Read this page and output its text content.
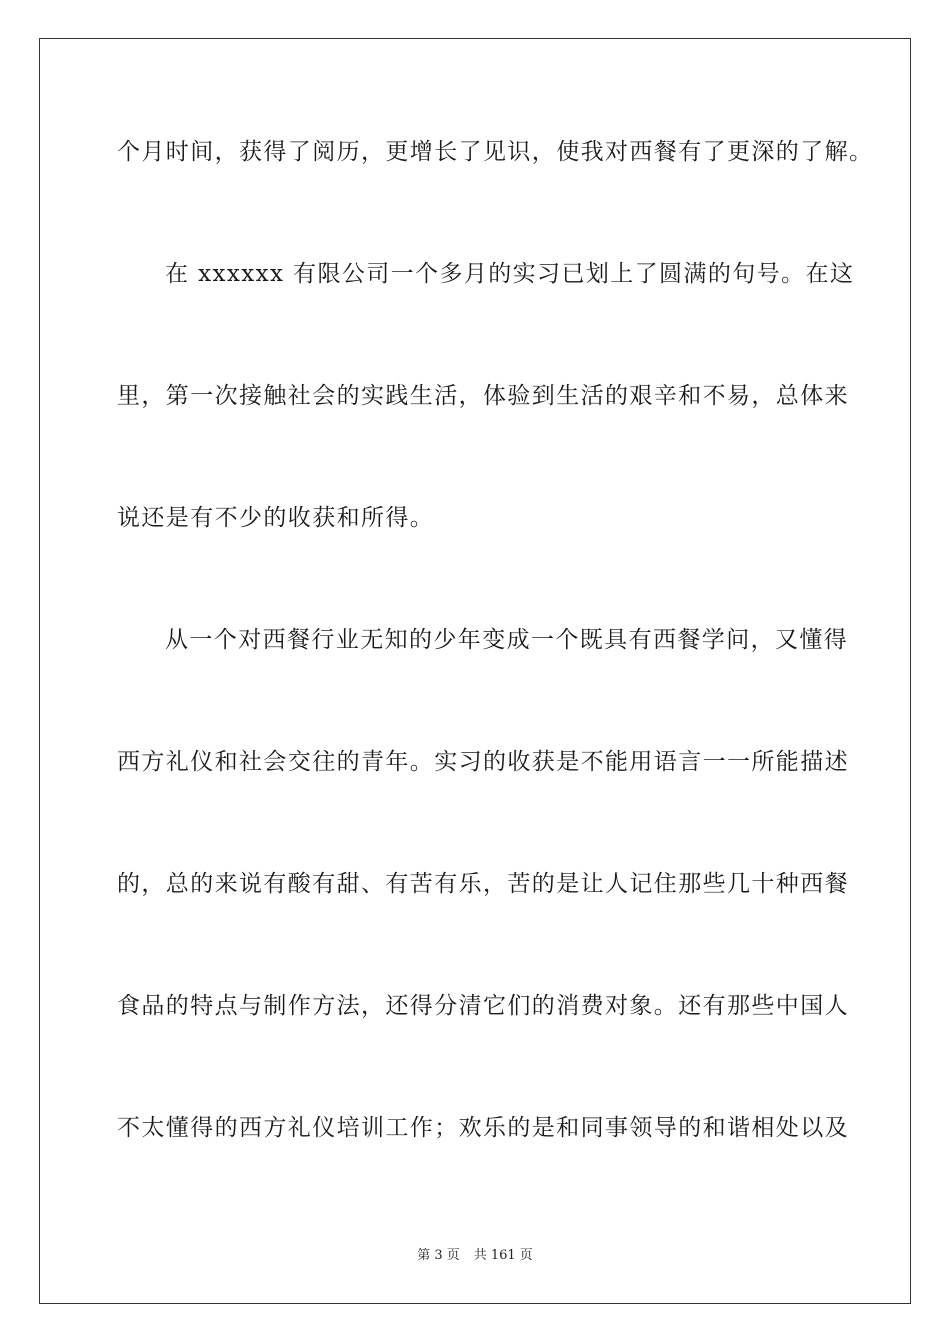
个月时间，获得了阅历，更增长了见识，使我对西餐有了更深的了解。
在 xxxxxx 有限公司一个多月的实习已划上了圆满的句号。在这
里，第一次接触社会的实践生活，体验到生活的艰辛和不易，总体来
说还是有不少的收获和所得。
从一个对西餐行业无知的少年变成一个既具有西餐学问，又懂得
西方礼仪和社会交往的青年。实习的收获是不能用语言一一所能描述
的，总的来说有酸有甜、有苦有乐，苦的是让人记住那些几十种西餐
食品的特点与制作方法，还得分清它们的消费对象。还有那些中国人
不太懂得的西方礼仪培训工作；欢乐的是和同事领导的和谐相处以及
第 3 页 共 161 页
